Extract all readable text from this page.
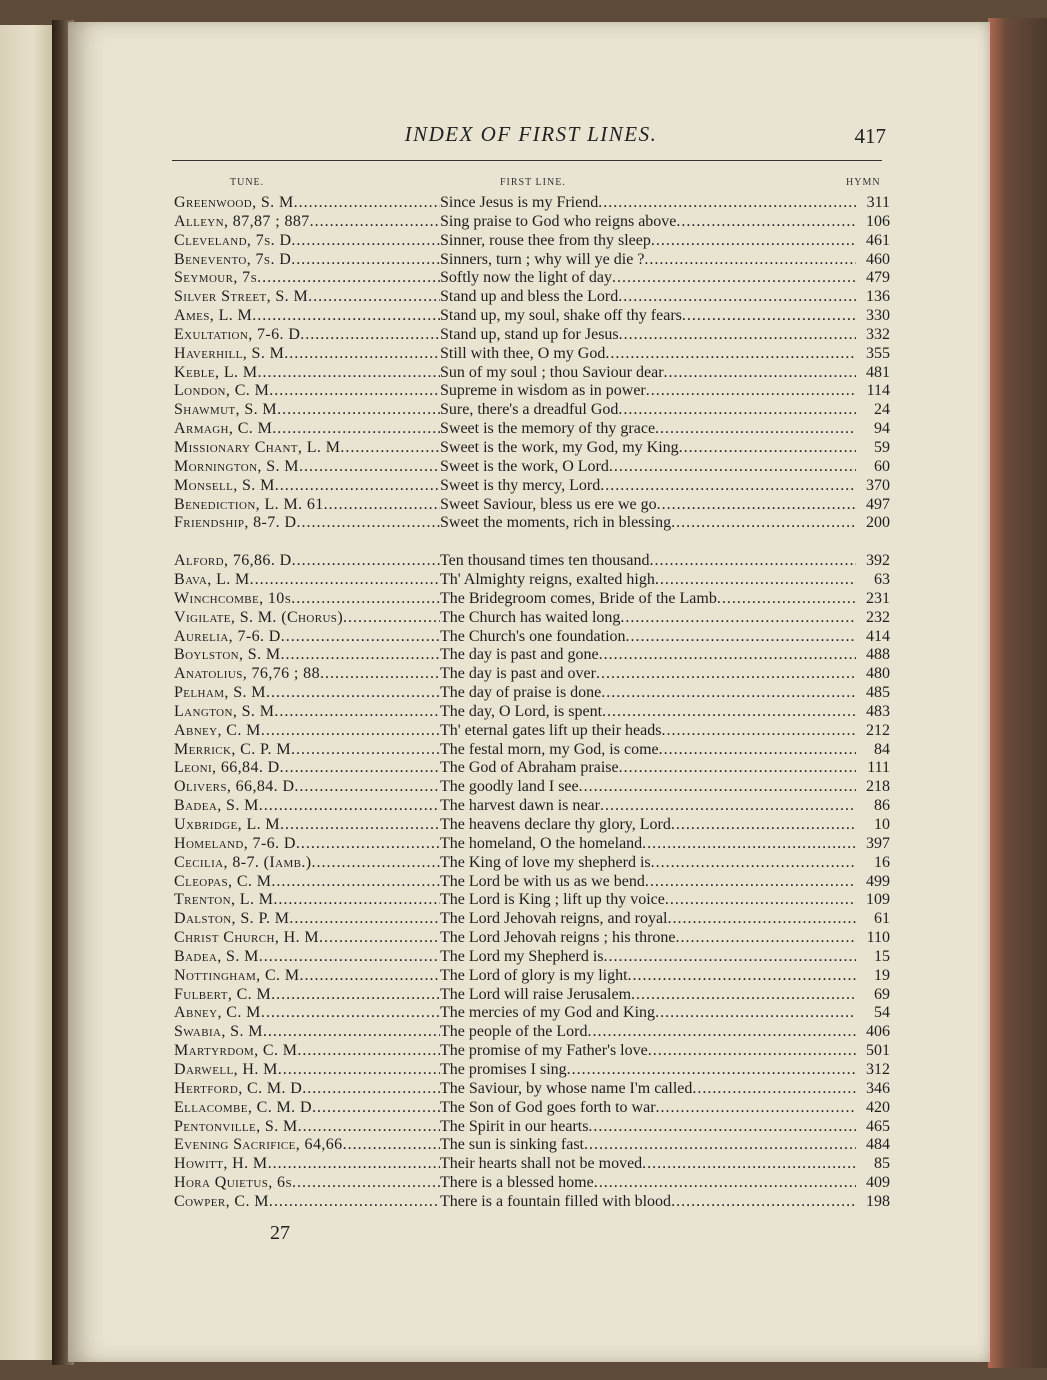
INDEX OF FIRST LINES.	417
TUNE.	FIRST LINE.	HYMN
Greenwood, S. M .....	Since Jesus is my Friend .....	311
Alleyn, 87,87 ; 887 .....	Sing praise to God who reigns above .....	106
Cleveland, 7s. D .....	Sinner, rouse thee from thy sleep .....	461
Benevento, 7s. D .....	Sinners, turn ; why will ye die ? .....	460
Seymour, 7s .....	Softly now the light of day .....	479
Silver Street, S. M .....	Stand up and bless the Lord .....	136
Ames, L. M .....	Stand up, my soul, shake off thy fears .....	330
Exultation, 7-6. D .....	Stand up, stand up for Jesus .....	332
Haverhill, S. M .....	Still with thee, O my God .....	355
Keble, L. M .....	Sun of my soul ; thou Saviour dear .....	481
London, C. M .....	Supreme in wisdom as in power .....	114
Shawmut, S. M .....	Sure, there's a dreadful God .....	24
Armagh, C. M .....	Sweet is the memory of thy grace .....	94
Missionary Chant, L. M .....	Sweet is the work, my God, my King .....	59
Mornington, S. M .....	Sweet is the work, O Lord .....	60
Monsell, S. M .....	Sweet is thy mercy, Lord .....	370
Benediction, L. M. 61 .....	Sweet Saviour, bless us ere we go .....	497
Friendship, 8-7. D .....	Sweet the moments, rich in blessing .....	200
Alford, 76,86. D .....	Ten thousand times ten thousand .....	392
Bava, L. M .....	Th' Almighty reigns, exalted high .....	63
Winchcombe, 10s .....	The Bridegroom comes, Bride of the Lamb .....	231
Vigilate, S. M. (Chorus) .....	The Church has waited long .....	232
Aurelia, 7-6. D .....	The Church's one foundation .....	414
Boylston, S. M .....	The day is past and gone .....	488
Anatolius, 76,76 ; 88 .....	The day is past and over .....	480
Pelham, S. M .....	The day of praise is done .....	485
Langton, S. M .....	The day, O Lord, is spent .....	483
Abney, C. M .....	Th' eternal gates lift up their heads .....	212
Merrick, C. P. M .....	The festal morn, my God, is come .....	84
Leoni, 66,84. D .....	The God of Abraham praise .....	111
Olivers, 66,84. D .....	The goodly land I see .....	218
Badea, S. M .....	The harvest dawn is near .....	86
Uxbridge, L. M .....	The heavens declare thy glory, Lord .....	10
Homeland, 7-6. D .....	The homeland, O the homeland .....	397
Cecilia, 8-7. (Iamb.) .....	The King of love my shepherd is .....	16
Cleopas, C. M .....	The Lord be with us as we bend .....	499
Trenton, L. M .....	The Lord is King ; lift up thy voice .....	109
Dalston, S. P. M .....	The Lord Jehovah reigns, and royal .....	61
Christ Church, H. M .....	The Lord Jehovah reigns ; his throne .....	110
Badea, S. M .....	The Lord my Shepherd is .....	15
Nottingham, C. M .....	The Lord of glory is my light .....	19
Fulbert, C. M .....	The Lord will raise Jerusalem .....	69
Abney, C. M .....	The mercies of my God and King .....	54
Swabia, S. M .....	The people of the Lord .....	406
Martyrdom, C. M .....	The promise of my Father's love .....	501
Darwell, H. M .....	The promises I sing .....	312
Hertford, C. M. D .....	The Saviour, by whose name I'm called .....	346
Ellacombe, C. M. D .....	The Son of God goes forth to war .....	420
Pentonville, S. M .....	The Spirit in our hearts .....	465
Evening Sacrifice, 64,66 .....	The sun is sinking fast .....	484
Howitt, H. M .....	Their hearts shall not be moved .....	85
Hora Quietus, 6s .....	There is a blessed home .....	409
Cowper, C. M .....	There is a fountain filled with blood .....	198
27
